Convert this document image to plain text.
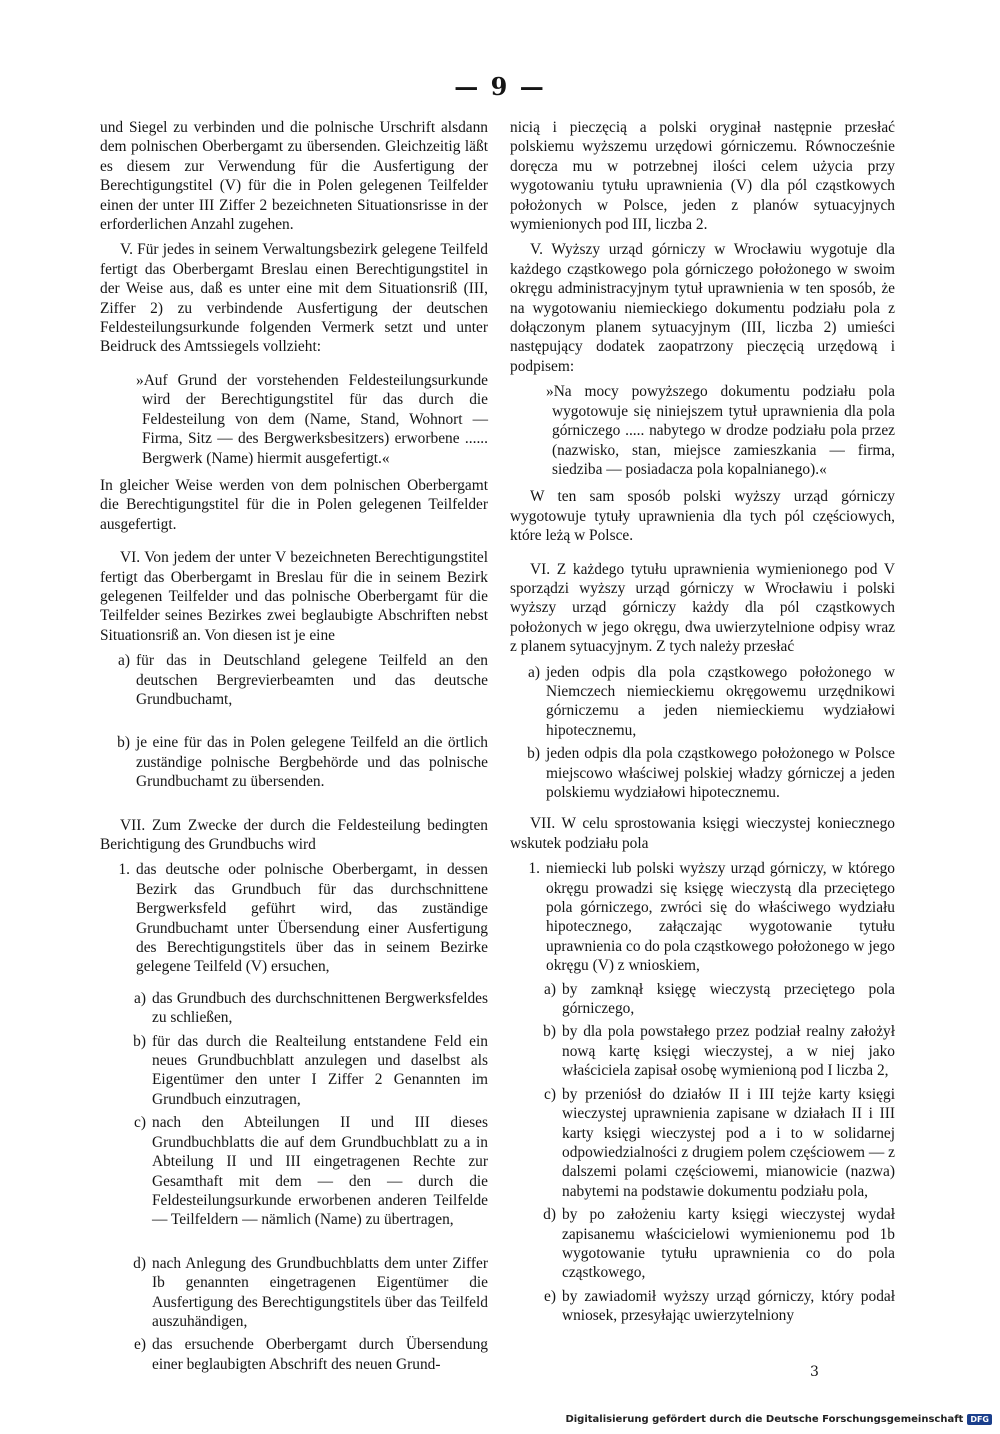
— 9 —

und Siegel zu verbinden und die polnische Urschrift alsdann dem polnischen Oberbergamt zu übersenden. Gleichzeitig läßt es diesem zur Verwendung für die Ausfertigung der Berechtigungstitel (V) für die in Polen gelegenen Teilfelder einen der unter III Ziffer 2 bezeichneten Situationsrisse in der erforderlichen Anzahl zugehen.

V. Für jedes in seinem Verwaltungsbezirk gelegene Teilfeld fertigt das Oberbergamt Breslau einen Berechtigungstitel in der Weise aus, daß es unter eine mit dem Situationsriß (III, Ziffer 2) zu verbindende Ausfertigung der deutschen Feldesteilungsurkunde folgenden Vermerk setzt und unter Beidruck des Amtssiegels vollzieht:

»Auf Grund der vorstehenden Feldesteilungsurkunde wird der Berechtigungstitel für das durch die Feldesteilung von dem (Name, Stand, Wohnort — Firma, Sitz — des Bergwerksbesitzers) erworbene ...... Bergwerk (Name) hiermit ausgefertigt.«

In gleicher Weise werden von dem polnischen Oberbergamt die Berechtigungstitel für die in Polen gelegenen Teilfelder ausgefertigt.

VI. Von jedem der unter V bezeichneten Berechtigungstitel fertigt das Oberbergamt in Breslau für die in seinem Bezirk gelegenen Teilfelder und das polnische Oberbergamt für die Teilfelder seines Bezirkes zwei beglaubigte Abschriften nebst Situationsriß an. Von diesen ist je eine

a) für das in Deutschland gelegene Teilfeld an den deutschen Bergrevierbeamten und das deutsche Grundbuchamt,
b) je eine für das in Polen gelegene Teilfeld an die örtlich zuständige polnische Bergbehörde und das polnische Grundbuchamt zu übersenden.

VII. Zum Zwecke der durch die Feldesteilung bedingten Berichtigung des Grundbuchs wird

1. das deutsche oder polnische Oberbergamt, in dessen Bezirk das Grundbuch für das durchschnittene Bergwerksfeld geführt wird, das zuständige Grundbuchamt unter Übersendung einer Ausfertigung des Berechtigungstitels über das in seinem Bezirke gelegene Teilfeld (V) ersuchen,
a) das Grundbuch des durchschnittenen Bergwerksfeldes zu schließen,
b) für das durch die Realteilung entstandene Feld ein neues Grundbuchblatt anzulegen und daselbst als Eigentümer den unter I Ziffer 2 Genannten im Grundbuch einzutragen,
c) nach den Abteilungen II und III dieses Grundbuchblatts die auf dem Grundbuchblatt zu a in Abteilung II und III eingetragenen Rechte zur Gesamthaft mit dem — den — durch die Feldesteilungsurkunde erworbenen anderen Teilfelde — Teilfeldern — nämlich (Name) zu übertragen,
d) nach Anlegung des Grundbuchblatts dem unter Ziffer Ib genannten eingetragenen Eigentümer die Ausfertigung des Berechtigungstitels über das Teilfeld auszuhändigen,
e) das ersuchende Oberbergamt durch Übersendung einer beglaubigten Abschrift des neuen Grund-

nicią i pieczęcią a polski oryginał następnie przesłać polskiemu wyższemu urzędowi górniczemu. Równocześnie doręcza mu w potrzebnej ilości celem użycia przy wygotowaniu tytułu uprawnienia (V) dla pól cząstkowych położonych w Polsce, jeden z planów sytuacyjnych wymienionych pod III, liczba 2.

V. Wyższy urząd górniczy w Wrocławiu wygotuje dla każdego cząstkowego pola górniczego położonego w swoim okręgu administracyjnym tytuł uprawnienia w ten sposób, że na wygotowaniu niemieckiego dokumentu podziału pola z dołączonym planem sytuacyjnym (III, liczba 2) umieści następujący dodatek zaopatrzony pieczęcią urzędową i podpisem:

»Na mocy powyższego dokumentu podziału pola wygotowuje się niniejszem tytuł uprawnienia dla pola górniczego ..... nabytego w drodze podziału pola przez (nazwisko, stan, miejsce zamieszkania — firma, siedziba — posiadacza pola kopalnianego).«

W ten sam sposób polski wyższy urząd górniczy wygotowuje tytuły uprawnienia dla tych pól częściowych, które leżą w Polsce.

VI. Z każdego tytułu uprawnienia wymienionego pod V sporządzi wyższy urząd górniczy w Wrocławiu i polski wyższy urząd górniczy każdy dla pól cząstkowych położonych w jego okręgu, dwa uwierzytelnione odpisy wraz z planem sytuacyjnym. Z tych należy przesłać

a) jeden odpis dla pola cząstkowego położonego w Niemczech niemieckiemu okręgowemu urzędnikowi górniczemu a jeden niemieckiemu wydziałowi hipotecznemu,
b) jeden odpis dla pola cząstkowego położonego w Polsce miejscowo właściwej polskiej władzy górniczej a jeden polskiemu wydziałowi hipotecznemu.

VII. W celu sprostowania księgi wieczystej koniecznego wskutek podziału pola

1. niemiecki lub polski wyższy urząd górniczy, w którego okręgu prowadzi się księgę wieczystą dla przeciętego pola górniczego, zwróci się do właściwego wydziału hipotecznego, załączając wygotowanie tytułu uprawnienia co do pola cząstkowego położonego w jego okręgu (V) z wnioskiem,
a) by zamknął księgę wieczystą przeciętego pola górniczego,
b) by dla pola powstałego przez podział realny założył nową kartę księgi wieczystej, a w niej jako właściciela zapisał osobę wymienioną pod I liczba 2,
c) by przeniósł do działów II i III tejże karty księgi wieczystej uprawnienia zapisane w działach II i III karty księgi wieczystej pod a i to w solidarnej odpowiedzialności z drugiem polem częściowem — z dalszemi polami częściowemi, mianowicie (nazwa) nabytemi na podstawie dokumentu podziału pola,
d) by po założeniu karty księgi wieczystej wydał zapisanemu właścicielowi wymienionemu pod 1b wygotowanie tytułu uprawnienia co do pola cząstkowego,
e) by zawiadomił wyższy urząd górniczy, który podał wniosek, przesyłając uwierzytelniony
3
Digitalisierung gefördert durch die Deutsche Forschungsgemeinschaft DFG
